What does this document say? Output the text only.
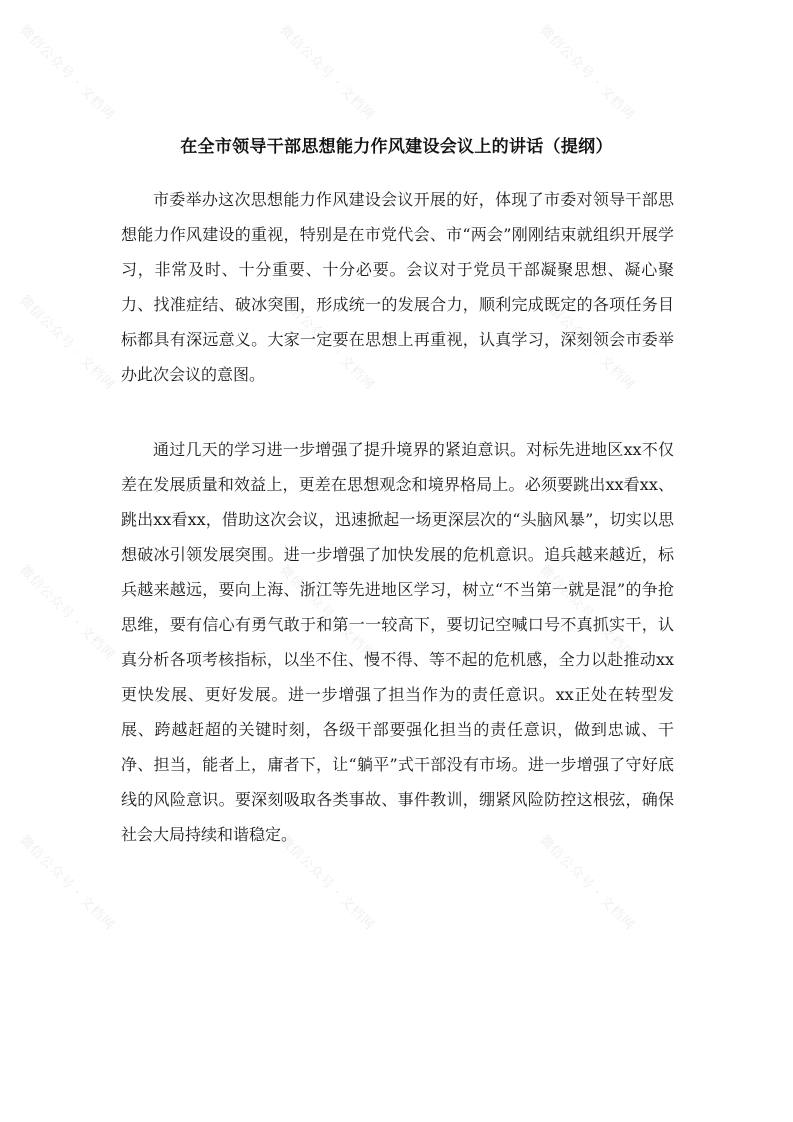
微信公众号 · 文档网	微信公众号 · 文档网	微信公众号 · 文档网
微信公众号 · 文档网	微信公众号 · 文档网	微信公众号 · 文档网
微信公众号 · 文档网	微信公众号 · 文档网	微信公众号 · 文档网
微信公众号 · 文档网	微信公众号 · 文档网	微信公众号 · 文档网
在全市领导干部思想能力作风建设会议上的讲话（提纲）

市委举办这次思想能力作风建设会议开展的好，体现了市委对领导干部思想能力作风建设的重视，特别是在市党代会、市“两会”刚刚结束就组织开展学习，非常及时、十分重要、十分必要。会议对于党员干部凝聚思想、凝心聚力、找准症结、破冰突围，形成统一的发展合力，顺利完成既定的各项任务目标都具有深远意义。大家一定要在思想上再重视，认真学习，深刻领会市委举办此次会议的意图。

通过几天的学习进一步增强了提升境界的紧迫意识。对标先进地区xx不仅差在发展质量和效益上，更差在思想观念和境界格局上。必须要跳出xx看xx、跳出xx看xx，借助这次会议，迅速掀起一场更深层次的“头脑风暴”，切实以思想破冰引领发展突围。进一步增强了加快发展的危机意识。追兵越来越近，标兵越来越远，要向上海、浙江等先进地区学习，树立“不当第一就是混”的争抢思维，要有信心有勇气敢于和第一一较高下，要切记空喊口号不真抓实干，认真分析各项考核指标，以坐不住、慢不得、等不起的危机感，全力以赴推动xx更快发展、更好发展。进一步增强了担当作为的责任意识。xx正处在转型发展、跨越赶超的关键时刻，各级干部要强化担当的责任意识，做到忠诚、干净、担当，能者上，庸者下，让“躺平”式干部没有市场。进一步增强了守好底线的风险意识。要深刻吸取各类事故、事件教训，绷紧风险防控这根弦，确保社会大局持续和谐稳定。
